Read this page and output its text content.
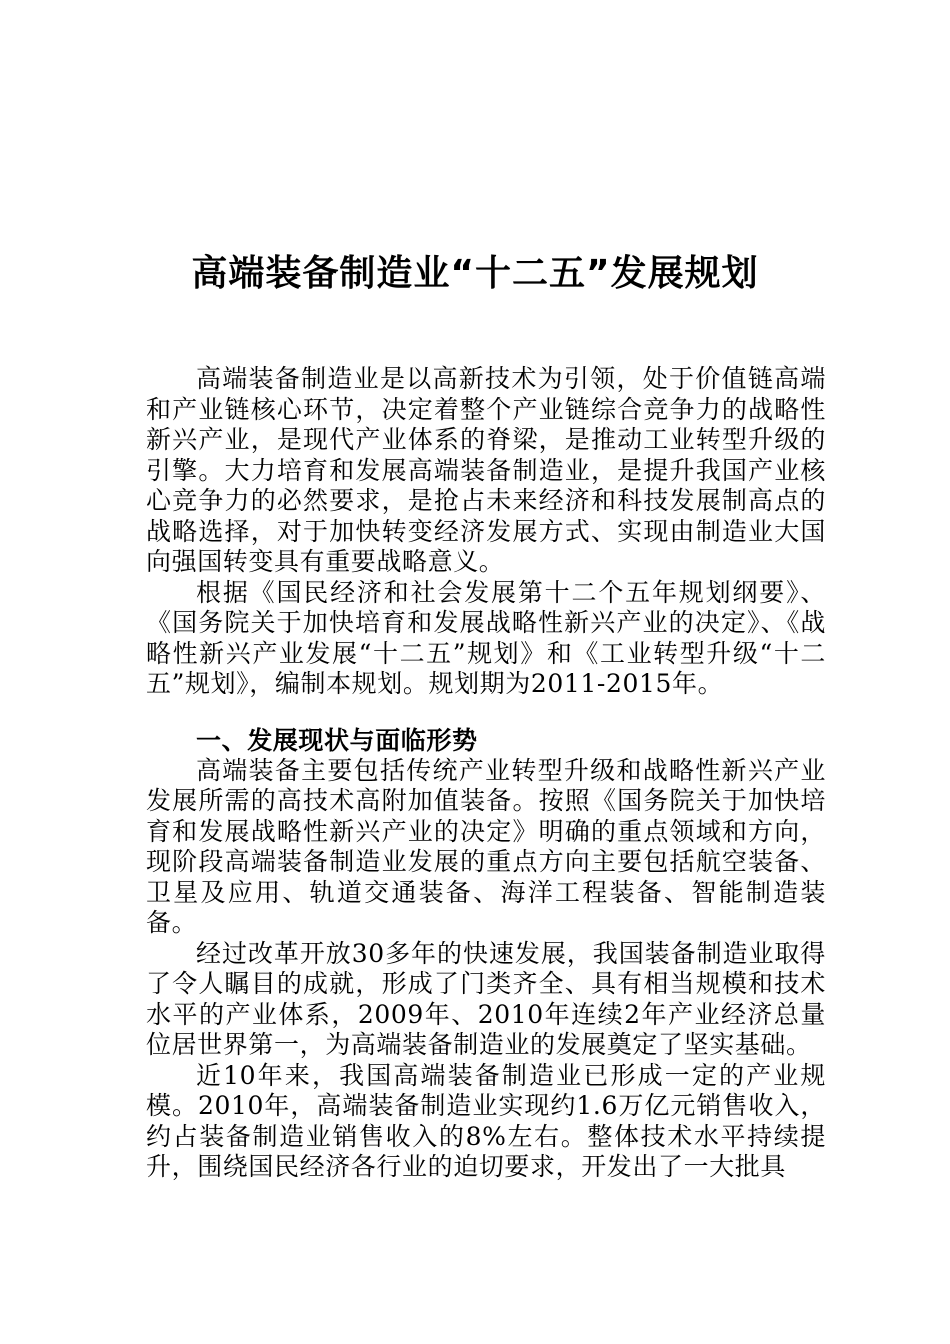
高端装备制造业“十二五”发展规划

高端装备制造业是以高新技术为引领，处于价值链高端和产业链核心环节，决定着整个产业链综合竞争力的战略性新兴产业，是现代产业体系的脊梁，是推动工业转型升级的引擎。大力培育和发展高端装备制造业，是提升我国产业核心竞争力的必然要求，是抢占未来经济和科技发展制高点的战略选择，对于加快转变经济发展方式、实现由制造业大国向强国转变具有重要战略意义。

根据《国民经济和社会发展第十二个五年规划纲要》、《国务院关于加快培育和发展战略性新兴产业的决定》、《战略性新兴产业发展“十二五”规划》和《工业转型升级“十二五”规划》，编制本规划。规划期为2011-2015年。

一、发展现状与面临形势

高端装备主要包括传统产业转型升级和战略性新兴产业发展所需的高技术高附加值装备。按照《国务院关于加快培育和发展战略性新兴产业的决定》明确的重点领域和方向，现阶段高端装备制造业发展的重点方向主要包括航空装备、卫星及应用、轨道交通装备、海洋工程装备、智能制造装备。

经过改革开放30多年的快速发展，我国装备制造业取得了令人瞩目的成就，形成了门类齐全、具有相当规模和技术水平的产业体系，2009年、2010年连续2年产业经济总量位居世界第一，为高端装备制造业的发展奠定了坚实基础。

近10年来，我国高端装备制造业已形成一定的产业规模。2010年，高端装备制造业实现约1.6万亿元销售收入，约占装备制造业销售收入的8%左右。整体技术水平持续提升，围绕国民经济各行业的迫切要求，开发出了一大批具
